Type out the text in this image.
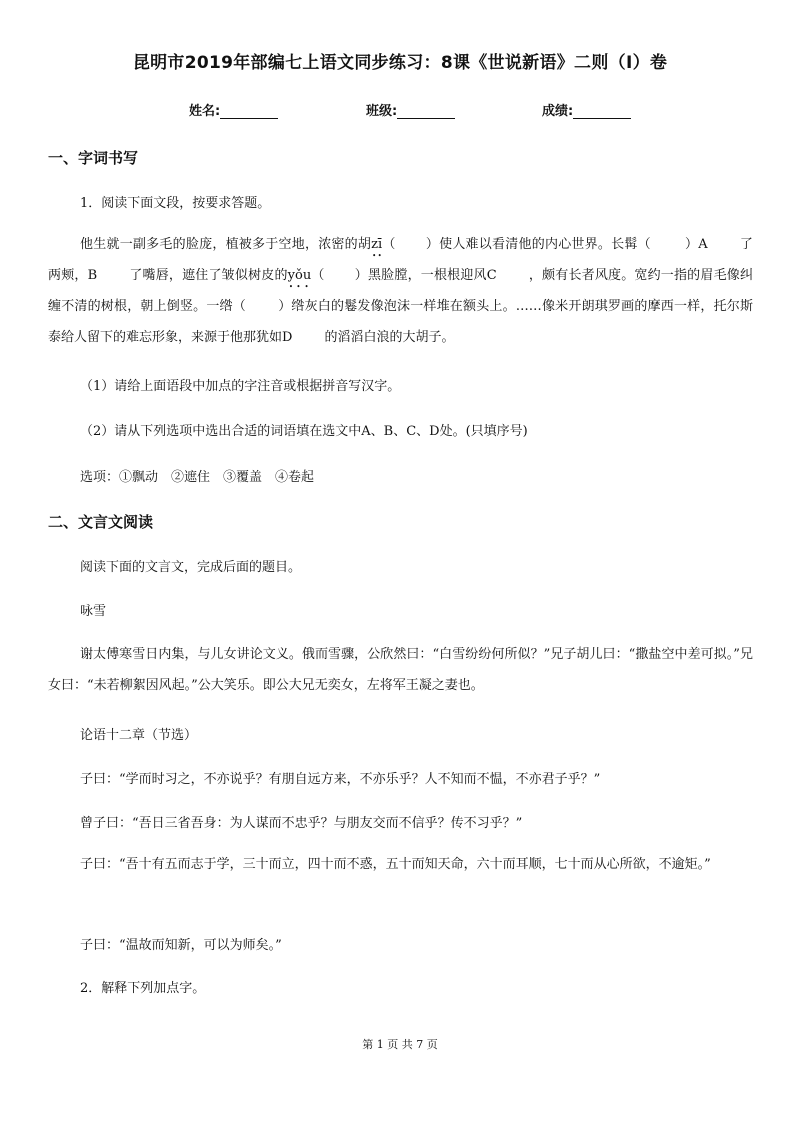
昆明市2019年部编七上语文同步练习：8课《世说新语》二则（I）卷
姓名:	班级:	成绩:
一、字词书写
1．阅读下面文段，按要求答题。
他生就一副多毛的脸庞，植被多于空地，浓密的胡zī（ ）使人难以看清他的内心世界。长髯（	）A 了两颊，B 了嘴唇，遮住了皱似树皮的yǒu（ ）黑脸膛，一根根迎风C ，颇有长者风度。宽约一指的眉毛像纠缠不清的树根，朝上倒竖。一绺（ ）绺灰白的鬈发像泡沫一样堆在额头上。……像米开朗琪罗画的摩西一样，托尔斯泰给人留下的难忘形象，来源于他那犹如D 的滔滔白浪的大胡子。
（1）请给上面语段中加点的字注音或根据拼音写汉字。
（2）请从下列选项中选出合适的词语填在选文中A、B、C、D处。(只填序号)
选项：①飘动　②遮住　③覆盖　④卷起
二、文言文阅读
阅读下面的文言文，完成后面的题目。
咏雪
谢太傅寒雪日内集，与儿女讲论文义。俄而雪骤，公欣然曰：“白雪纷纷何所似？”兄子胡儿曰：“撒盐空中差可拟。”兄女曰：“未若柳絮因风起。”公大笑乐。即公大兄无奕女，左将军王凝之妻也。
论语十二章（节选）
子曰：“学而时习之，不亦说乎？有朋自远方来，不亦乐乎？人不知而不愠，不亦君子乎？”
曾子曰：“吾日三省吾身：为人谋而不忠乎？与朋友交而不信乎？传不习乎？”
子曰：“吾十有五而志于学，三十而立，四十而不惑，五十而知天命，六十而耳顺，七十而从心所欲，不逾矩。”
子曰：“温故而知新，可以为师矣。”
2．解释下列加点字。
第 1 页 共 7 页
